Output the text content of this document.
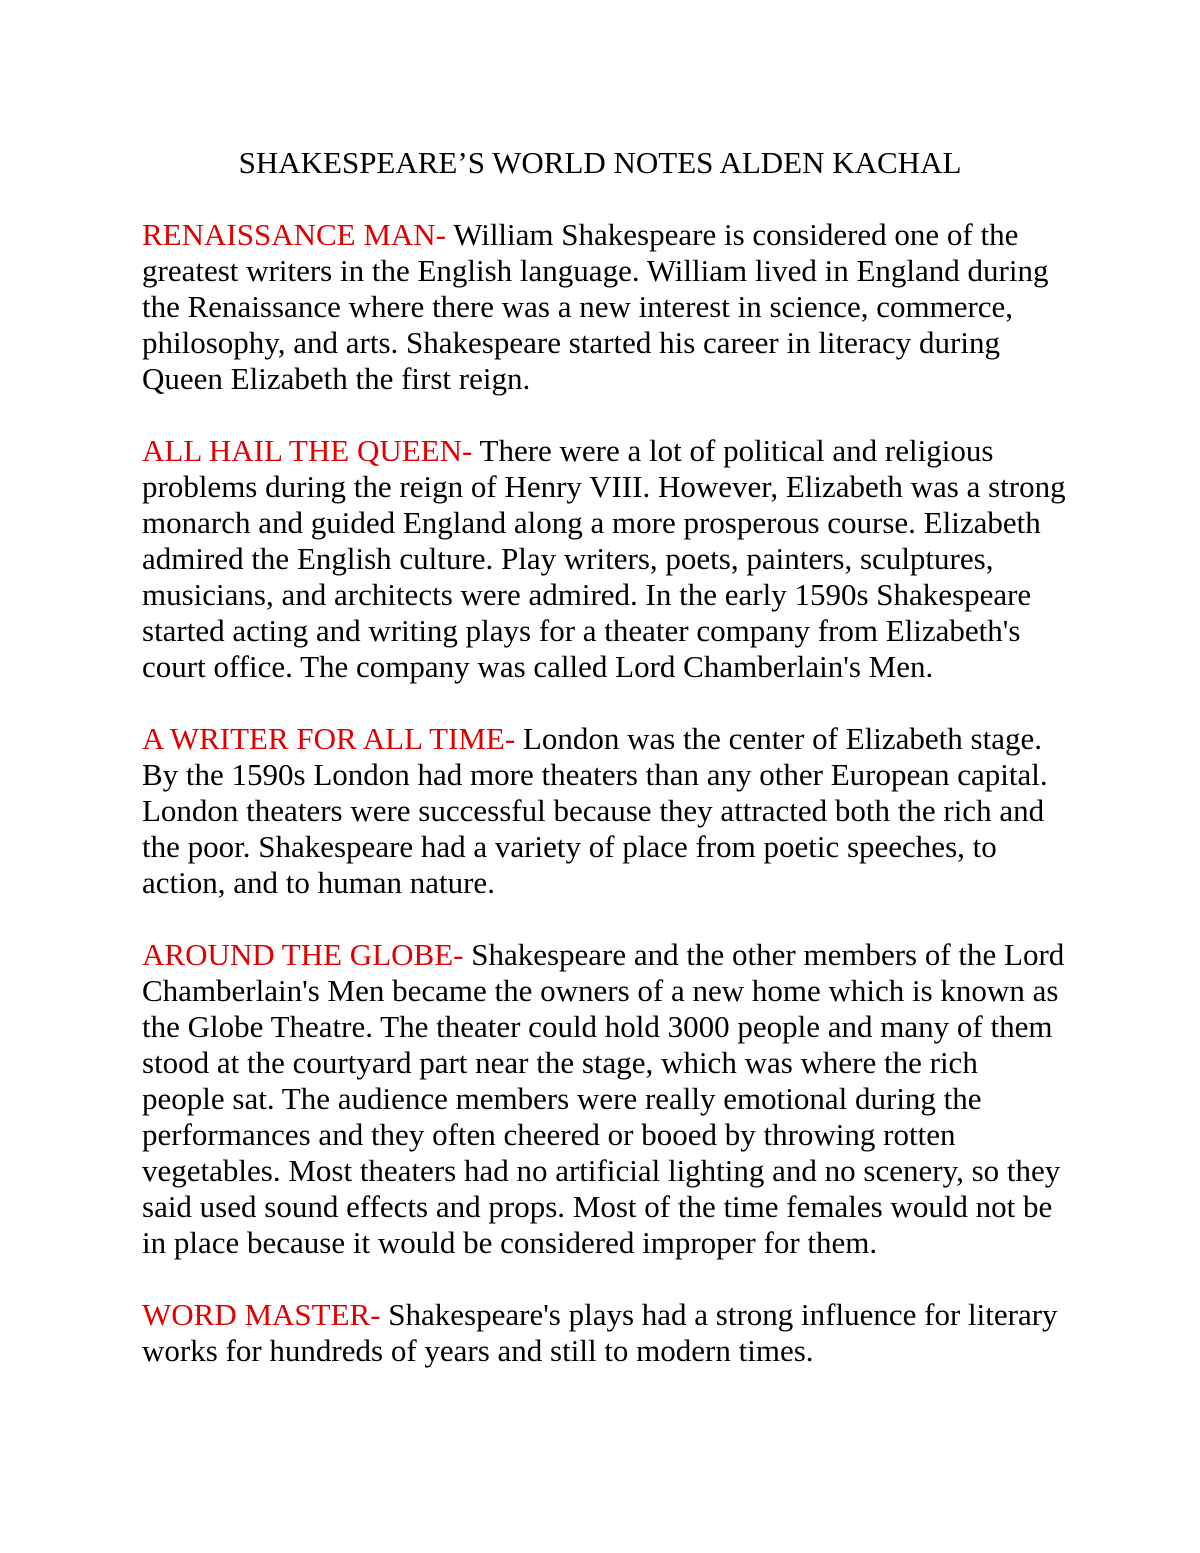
SHAKESPEARE’S WORLD NOTES ALDEN KACHAL

RENAISSANCE MAN- William Shakespeare is considered one of the greatest writers in the English language. William lived in England during the Renaissance where there was a new interest in science, commerce, philosophy, and arts. Shakespeare started his career in literacy during Queen Elizabeth the first reign.

ALL HAIL THE QUEEN- There were a lot of political and religious problems during the reign of Henry VIII. However, Elizabeth was a strong monarch and guided England along a more prosperous course. Elizabeth admired the English culture. Play writers, poets, painters, sculptures, musicians, and architects were admired. In the early 1590s Shakespeare started acting and writing plays for a theater company from Elizabeth's court office. The company was called Lord Chamberlain's Men.

A WRITER FOR ALL TIME- London was the center of Elizabeth stage. By the 1590s London had more theaters than any other European capital. London theaters were successful because they attracted both the rich and the poor. Shakespeare had a variety of place from poetic speeches, to action, and to human nature.

AROUND THE GLOBE- Shakespeare and the other members of the Lord Chamberlain's Men became the owners of a new home which is known as the Globe Theatre. The theater could hold 3000 people and many of them stood at the courtyard part near the stage, which was where the rich people sat. The audience members were really emotional during the performances and they often cheered or booed by throwing rotten vegetables. Most theaters had no artificial lighting and no scenery, so they said used sound effects and props. Most of the time females would not be in place because it would be considered improper for them.

WORD MASTER- Shakespeare's plays had a strong influence for literary works for hundreds of years and still to modern times.
